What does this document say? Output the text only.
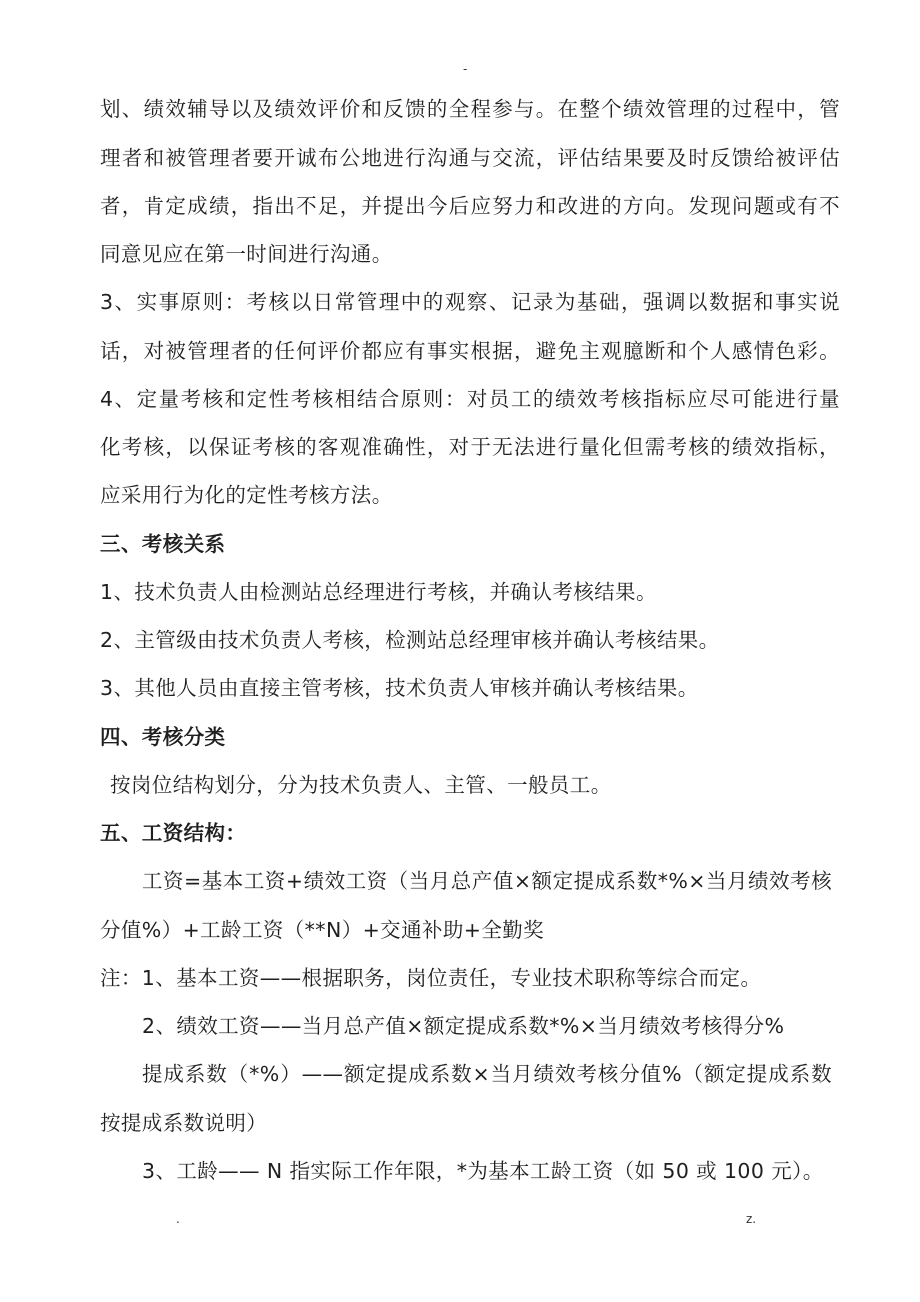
-
划、绩效辅导以及绩效评价和反馈的全程参与。在整个绩效管理的过程中，管
理者和被管理者要开诚布公地进行沟通与交流，评估结果要及时反馈给被评估
者，肯定成绩，指出不足，并提出今后应努力和改进的方向。发现问题或有不
同意见应在第一时间进行沟通。
3、实事原则：考核以日常管理中的观察、记录为基础，强调以数据和事实说
话，对被管理者的任何评价都应有事实根据，避免主观臆断和个人感情色彩。
4、定量考核和定性考核相结合原则：对员工的绩效考核指标应尽可能进行量
化考核，以保证考核的客观准确性，对于无法进行量化但需考核的绩效指标，
应采用行为化的定性考核方法。
三、考核关系
1、技术负责人由检测站总经理进行考核，并确认考核结果。
2、主管级由技术负责人考核，检测站总经理审核并确认考核结果。
3、其他人员由直接主管考核，技术负责人审核并确认考核结果。
四、考核分类
按岗位结构划分，分为技术负责人、主管、一般员工。
五、工资结构：
工资=基本工资+绩效工资（当月总产值×额定提成系数*%×当月绩效考核
分值%）+工龄工资（**N）+交通补助+全勤奖
注：1、基本工资——根据职务，岗位责任，专业技术职称等综合而定。
2、绩效工资——当月总产值×额定提成系数*%×当月绩效考核得分%
提成系数（*%）——额定提成系数×当月绩效考核分值%（额定提成系数
按提成系数说明）
3、工龄—— N 指实际工作年限，*为基本工龄工资（如 50 或 100 元）。
.	z.
